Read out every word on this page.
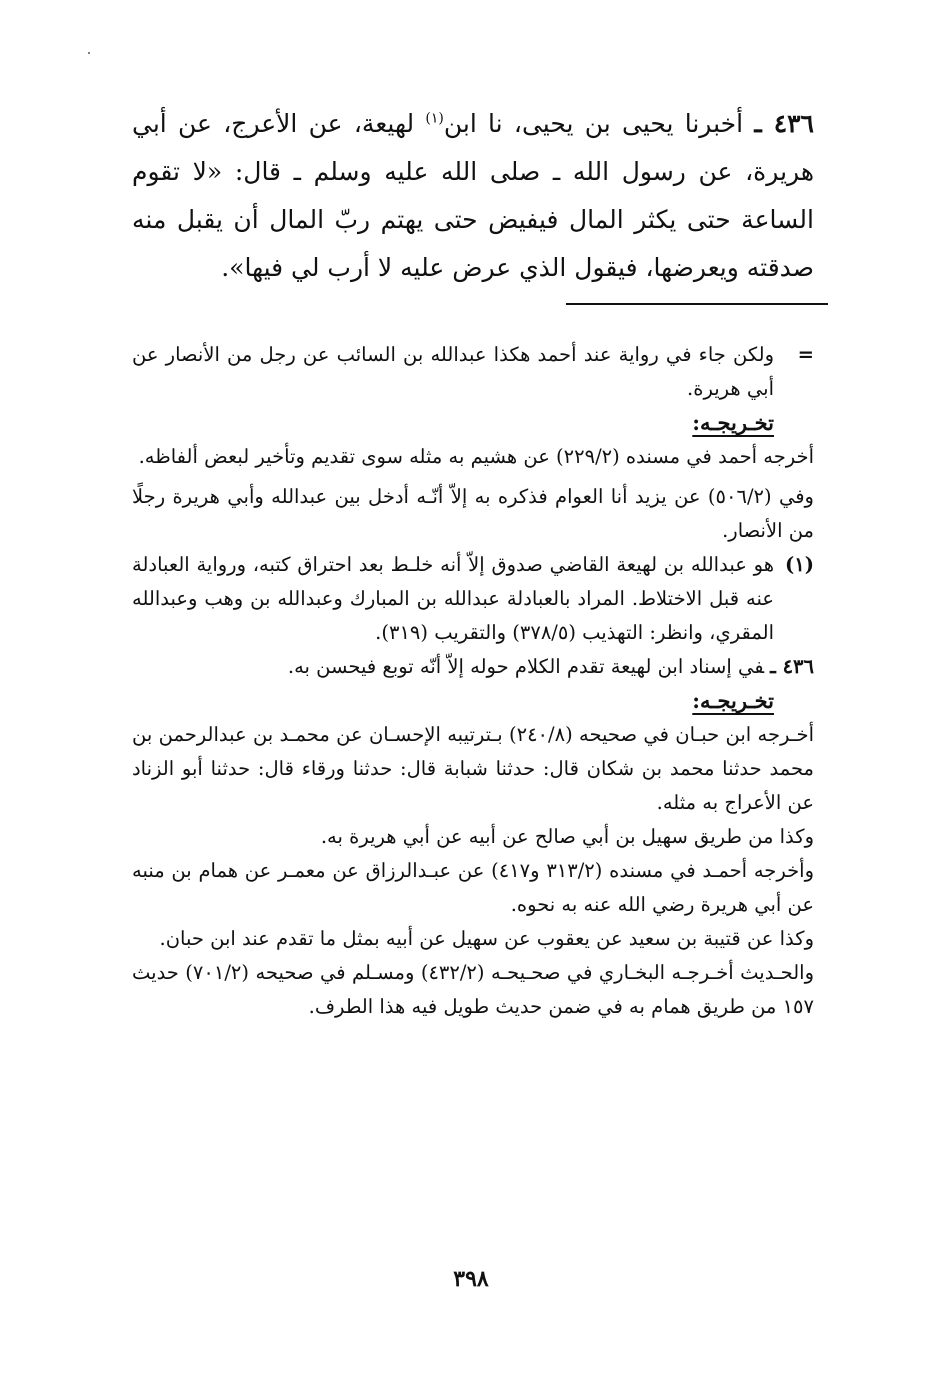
٤٣٦ ـ أخبرنا يحيى بن يحيى، نا ابن$^{(١)}$ لهيعة، عن الأعرج، عن أبي هريرة، عن رسول الله ـ صلى الله عليه وسلم ـ قال: «لا تقوم الساعة حتى يكثر المال فيفيض حتى يهتم ربّ المال أن يقبل منه صدقته ويعرضها، فيقول الذي عرض عليه لا أرب لي فيها».
=
ولكن جاء في رواية عند أحمد هكذا عبدالله بن السائب عن رجل من الأنصار عن أبي هريرة.
تخـريجـه:
أخرجه أحمد في مسنده (٢٢٩/٢) عن هشيم به مثله سوى تقديم وتأخير لبعض ألفاظه.
وفي (٥٠٦/٢) عن يزيد أنا العوام فذكره به إلاّ أنّـه أدخل بين عبدالله وأبي هريرة رجلًا من الأنصار.
(١)
هو عبدالله بن لهيعة القاضي صدوق إلاّ أنه خلـط بعد احتراق كتبه، ورواية العبادلة عنه قبل الاختلاط. المراد بالعبادلة عبدالله بن المبارك وعبدالله بن وهب وعبدالله المقري، وانظر: التهذيب (٣٧٨/٥) والتقريب (٣١٩).
٤٣٦ ـفي إسناد ابن لهيعة تقدم الكلام حوله إلاّ أنّه توبع فيحسن به.
تخـريجـه:
أخـرجه ابن حبـان في صحيحه (٢٤٠/٨) بـترتيبه الإحسـان عن محمـد بن عبدالرحمن بن محمد حدثنا محمد بن شكان قال: حدثنا شبابة قال: حدثنا ورقاء قال: حدثنا أبو الزناد عن الأعراج به مثله.
وكذا من طريق سهيل بن أبي صالح عن أبيه عن أبي هريرة به.
وأخرجه أحمـد في مسنده (٣١٣/٢ و٤١٧) عن عبـدالرزاق عن معمـر عن همام بن منبه عن أبي هريرة رضي الله عنه به نحوه.
وكذا عن قتيبة بن سعيد عن يعقوب عن سهيل عن أبيه بمثل ما تقدم عند ابن حبان.
والحـديث أخـرجـه البخـاري في صحـيحـه (٤٣٢/٢) ومسـلم في صحيحه (٧٠١/٢) حديث ١٥٧ من طريق همام به في ضمن حديث طويل فيه هذا الطرف.
٣٩٨
